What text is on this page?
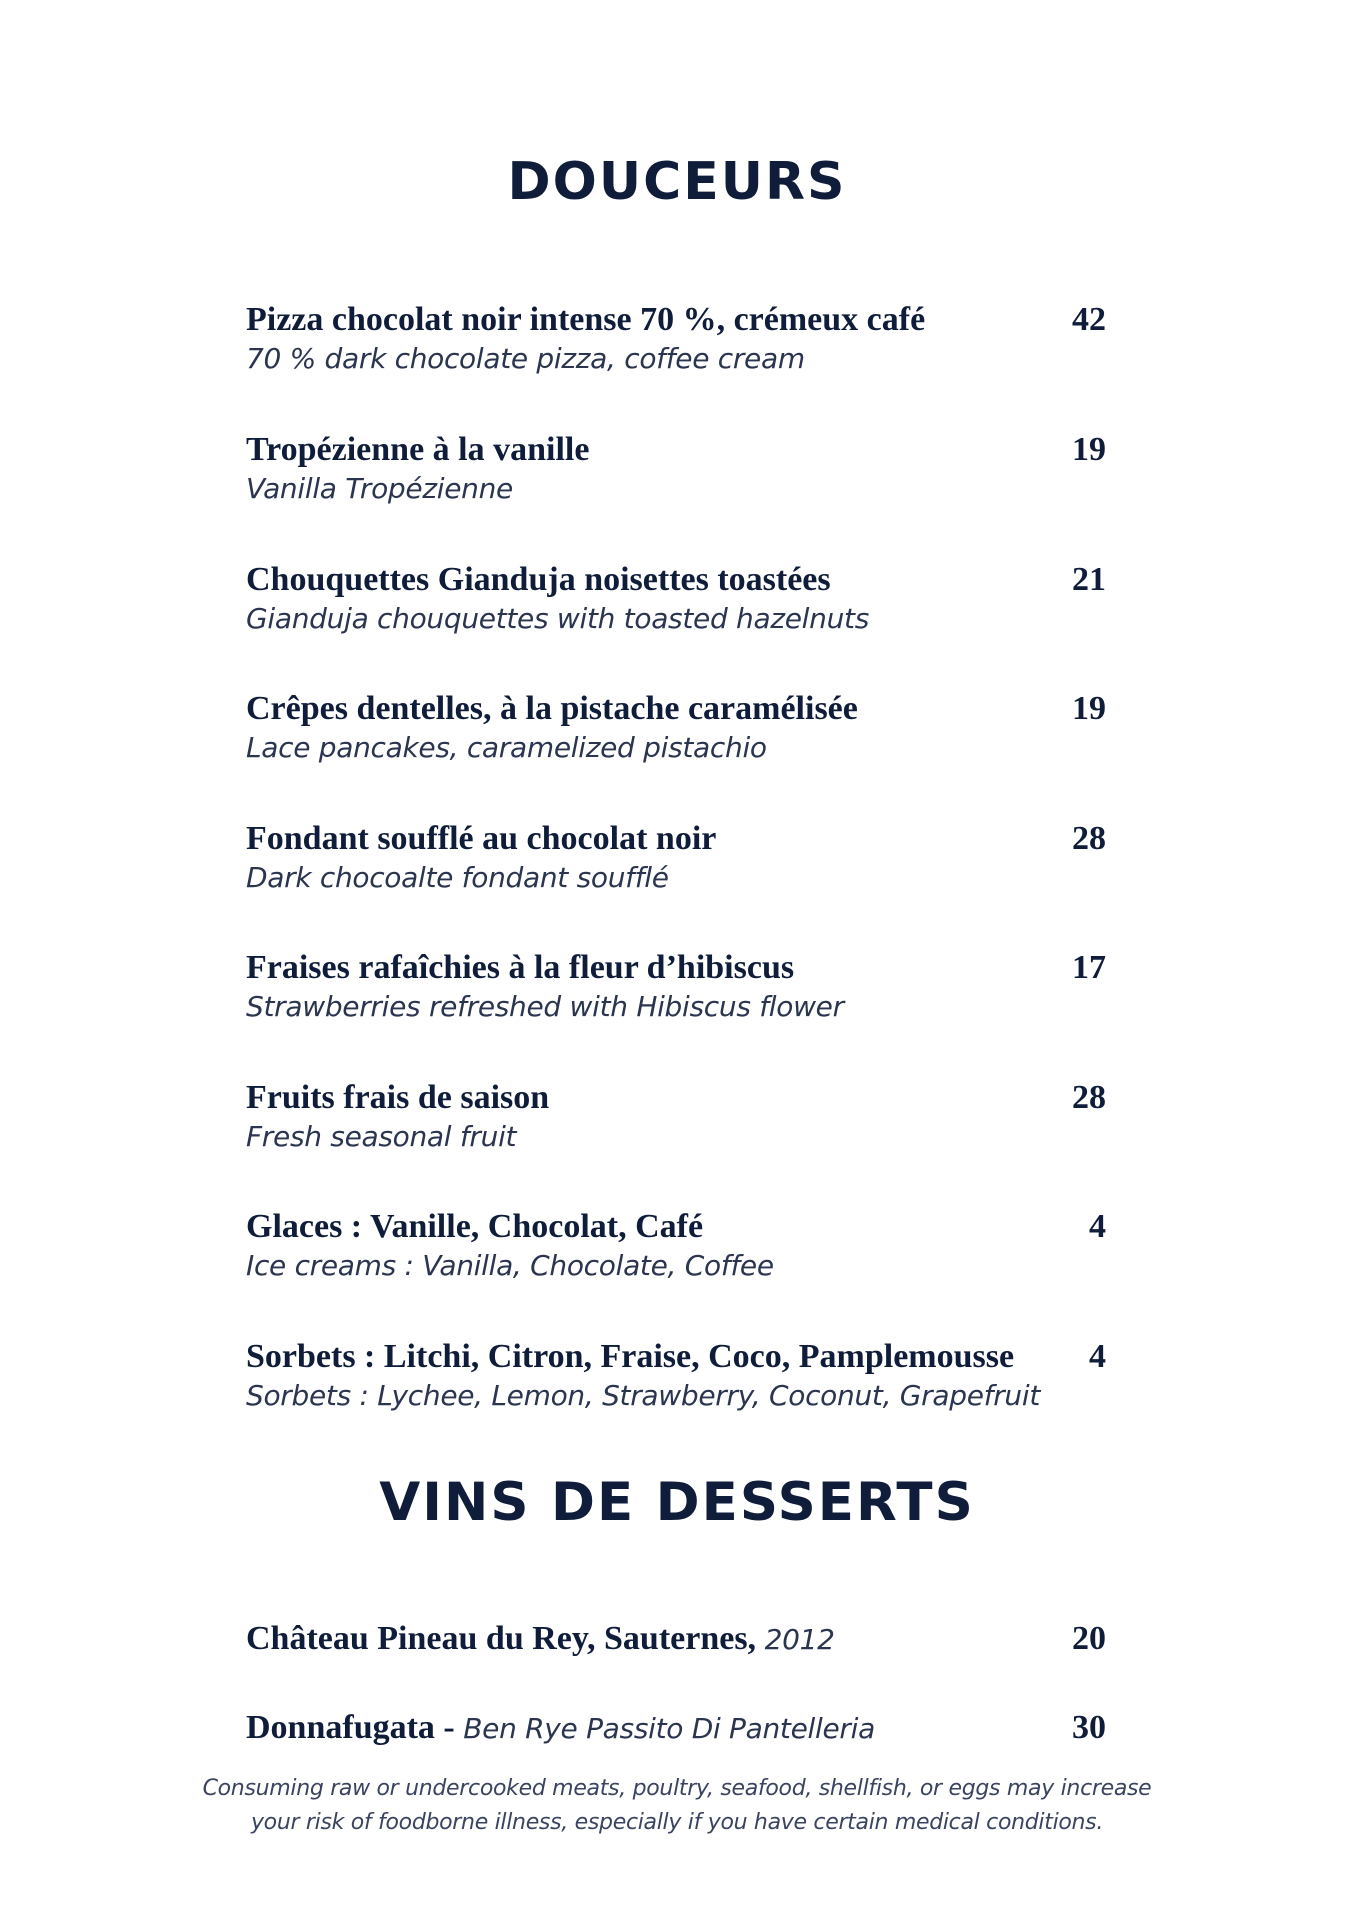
DOUCEURS
Pizza chocolat noir intense 70 %, crémeux café
70 % dark chocolate pizza, coffee cream
42
Tropézienne à la vanille
Vanilla Tropézienne
19
Chouquettes Gianduja noisettes toastées
Gianduja chouquettes with toasted hazelnuts
21
Crêpes dentelles, à la pistache caramélisée
Lace pancakes, caramelized pistachio
19
Fondant soufflé au chocolat noir
Dark chocoalte fondant soufflé
28
Fraises rafaîchies à la fleur d’hibiscus
Strawberries refreshed with Hibiscus flower
17
Fruits frais de saison
Fresh seasonal fruit
28
Glaces : Vanille, Chocolat, Café
Ice creams : Vanilla, Chocolate, Coffee
4
Sorbets : Litchi, Citron, Fraise, Coco, Pamplemousse
Sorbets : Lychee, Lemon, Strawberry, Coconut, Grapefruit
4
VINS DE DESSERTS
Château Pineau du Rey, Sauternes, 2012	20
Donnafugata - Ben Rye Passito Di Pantelleria	30
Consuming raw or undercooked meats, poultry, seafood, shellfish, or eggs may increase
your risk of foodborne illness, especially if you have certain medical conditions.
